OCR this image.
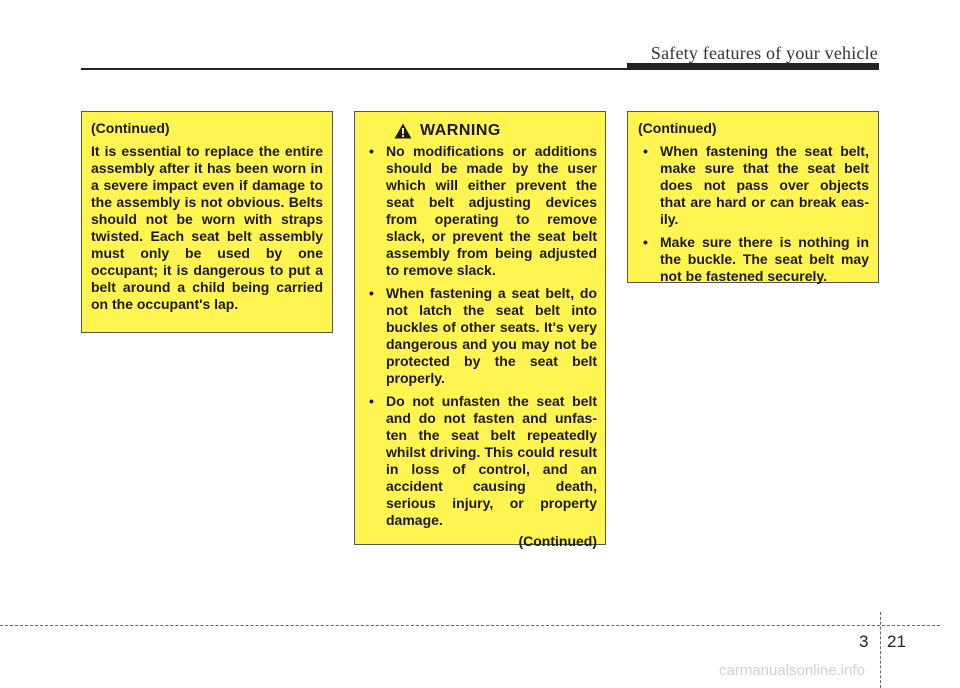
Safety features of your vehicle

(Continued)

It is essential to replace the entire assembly after it has been worn in a severe impact even if damage to the assembly is not obvious. Belts should not be worn with straps twisted. Each seat belt assembly must only be used by one occupant; it is dangerous to put a belt around a child being carried on the occupant's lap.

WARNING
• No modifications or additions should be made by the user which will either prevent the seat belt adjusting devices from operating to remove slack, or prevent the seat belt assembly from being adjusted to remove slack.
• When fastening a seat belt, do not latch the seat belt into buckles of other seats. It's very dangerous and you may not be protected by the seat belt properly.
• Do not unfasten the seat belt and do not fasten and unfas-ten the seat belt repeatedly whilst driving. This could result in loss of control, and an accident causing death, serious injury, or property damage.
(Continued)

(Continued)

• When fastening the seat belt, make sure that the seat belt does not pass over objects that are hard or can break eas-ily.
• Make sure there is nothing in the buckle. The seat belt may not be fastened securely.
3 21
carmanualsonline.info
